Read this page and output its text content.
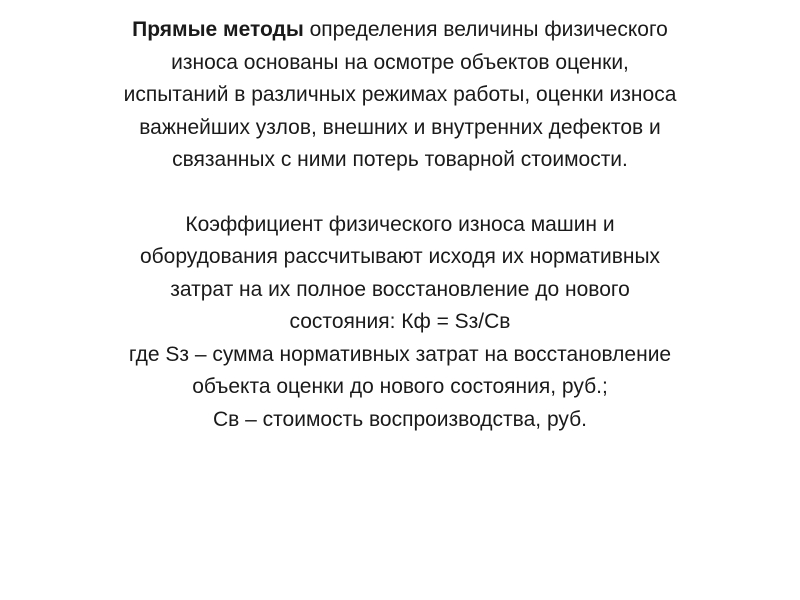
Прямые методы определения величины физического
износа основаны на осмотре объектов оценки,
испытаний в различных режимах работы, оценки износа
важнейших узлов, внешних и внутренних дефектов и
связанных с ними потерь товарной стоимости.
Коэффициент физического износа машин и
оборудования рассчитывают исходя их нормативных
затрат на их полное восстановление до нового
состояния: Кф = Sз/Св
где Sз – сумма нормативных затрат на восстановление
объекта оценки до нового состояния, руб.;
Св – стоимость воспроизводства, руб.
